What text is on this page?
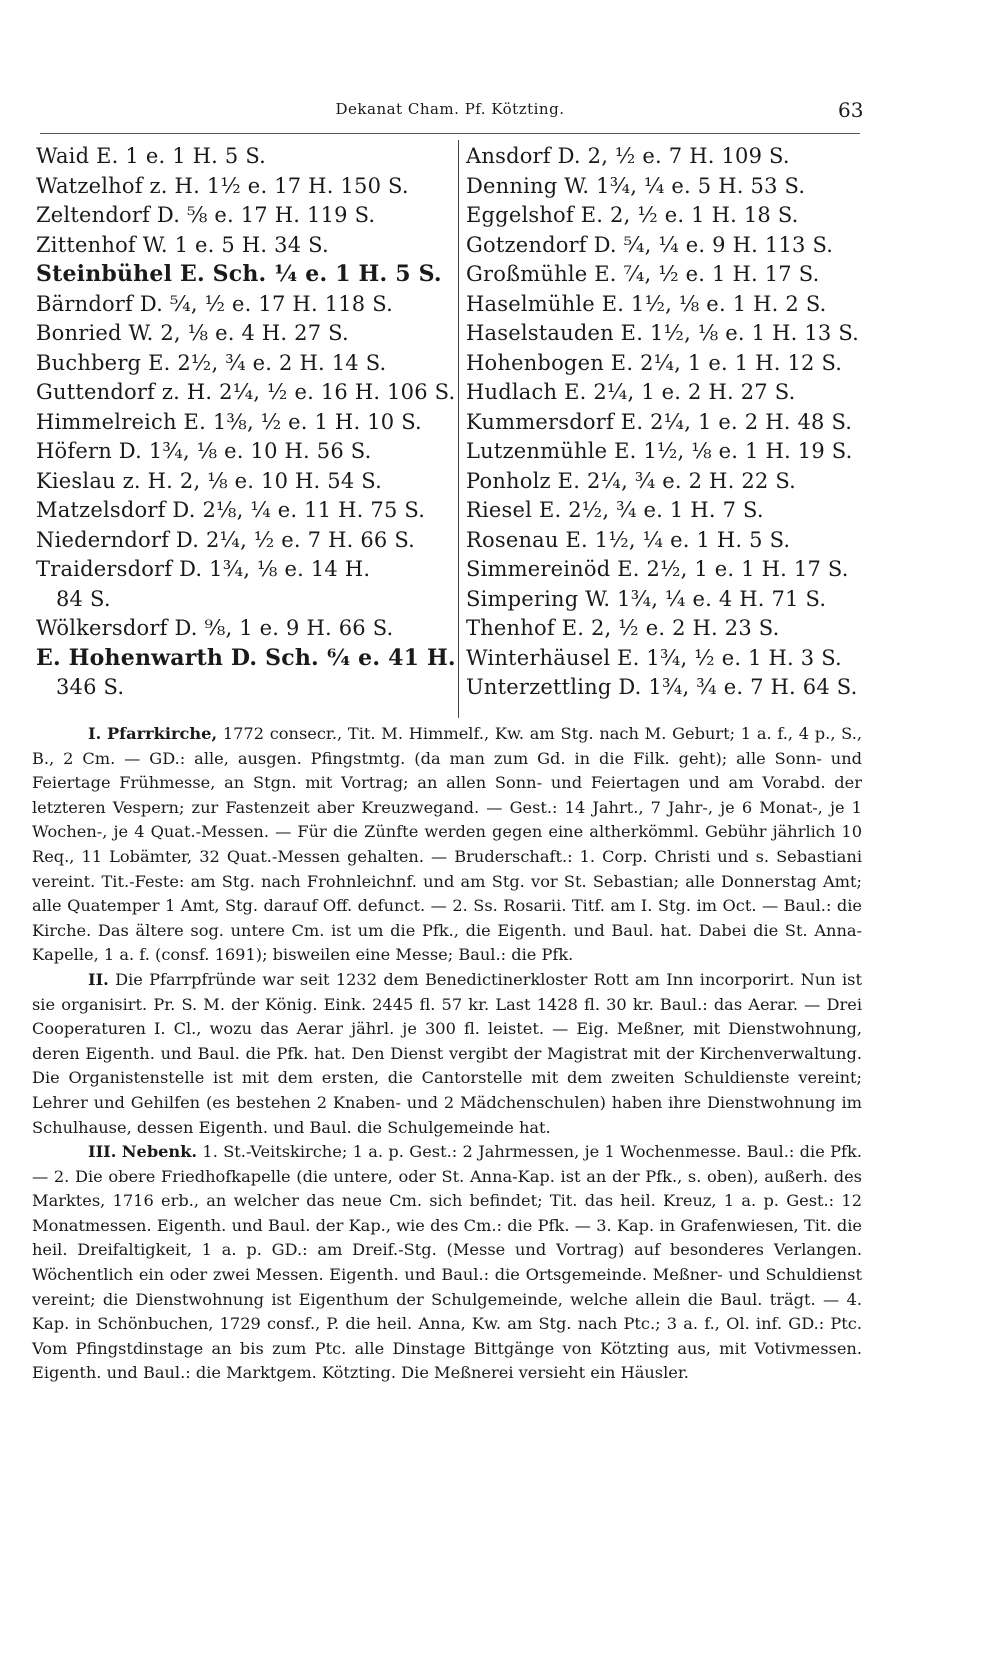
Dekanat Cham. Pf. Kötzting.	63
Waid E. 1 e. 1 H. 5 S.
Watzelhof z. H. 1½ e. 17 H. 150 S.
Zeltendorf D. ⅝ e. 17 H. 119 S.
Zittenhof W. 1 e. 5 H. 34 S.
Steinbühel E. Sch. ¼ e. 1 H. 5 S.
Bärndorf D. ⁵⁄₄, ½ e. 17 H. 118 S.
Bonried W. 2, ⅛ e. 4 H. 27 S.
Buchberg E. 2½, ¾ e. 2 H. 14 S.
Guttendorf z. H. 2¼, ½ e. 16 H. 106 S.
Himmelreich E. 1⅜, ½ e. 1 H. 10 S.
Höfern D. 1¾, ⅛ e. 10 H. 56 S.
Kieslau z. H. 2, ⅛ e. 10 H. 54 S.
Matzelsdorf D. 2⅛, ¼ e. 11 H. 75 S.
Niederndorf D. 2¼, ½ e. 7 H. 66 S.
Traidersdorf D. 1¾, ⅛ e. 14 H.
84 S.
Wölkersdorf D. ⁹⁄₈, 1 e. 9 H. 66 S.
E. Hohenwarth D. Sch. ⁶⁄₄ e. 41 H.
346 S.
Ansdorf D. 2, ½ e. 7 H. 109 S.
Denning W. 1¾, ¼ e. 5 H. 53 S.
Eggelshof E. 2, ½ e. 1 H. 18 S.
Gotzendorf D. ⁵⁄₄, ¼ e. 9 H. 113 S.
Großmühle E. ⁷⁄₄, ½ e. 1 H. 17 S.
Haselmühle E. 1½, ⅛ e. 1 H. 2 S.
Haselstauden E. 1½, ⅛ e. 1 H. 13 S.
Hohenbogen E. 2¼, 1 e. 1 H. 12 S.
Hudlach E. 2¼, 1 e. 2 H. 27 S.
Kummersdorf E. 2¼, 1 e. 2 H. 48 S.
Lutzenmühle E. 1½, ⅛ e. 1 H. 19 S.
Ponholz E. 2¼, ¾ e. 2 H. 22 S.
Riesel E. 2½, ¾ e. 1 H. 7 S.
Rosenau E. 1½, ¼ e. 1 H. 5 S.
Simmereinöd E. 2½, 1 e. 1 H. 17 S.
Simpering W. 1¾, ¼ e. 4 H. 71 S.
Thenhof E. 2, ½ e. 2 H. 23 S.
Winterhäusel E. 1¾, ½ e. 1 H. 3 S.
Unterzettling D. 1¾, ¾ e. 7 H. 64 S.

I. Pfarrkirche, 1772 consecr., Tit. M. Himmelf., Kw. am Stg. nach M. Geburt; 1 a. f., 4 p., S., B., 2 Cm. — GD.: alle, ausgen. Pfingstmtg. (da man zum Gd. in die Filk. geht); alle Sonn- und Feiertage Frühmesse, an Stgn. mit Vortrag; an allen Sonn- und Feiertagen und am Vorabd. der letzteren Vespern; zur Fastenzeit aber Kreuzwegand. — Gest.: 14 Jahrt., 7 Jahr-, je 6 Monat-, je 1 Wochen-, je 4 Quat.-Messen. — Für die Zünfte werden gegen eine altherkömml. Gebühr jährlich 10 Req., 11 Lobämter, 32 Quat.-Messen gehalten. — Bruderschaft.: 1. Corp. Christi und s. Sebastiani vereint. Tit.-Feste: am Stg. nach Frohnleichnf. und am Stg. vor St. Sebastian; alle Donnerstag Amt; alle Quatemper 1 Amt, Stg. darauf Off. defunct. — 2. Ss. Rosarii. Titf. am I. Stg. im Oct. — Baul.: die Kirche. Das ältere sog. untere Cm. ist um die Pfk., die Eigenth. und Baul. hat. Dabei die St. Anna-Kapelle, 1 a. f. (consf. 1691); bisweilen eine Messe; Baul.: die Pfk.

II. Die Pfarrpfründe war seit 1232 dem Benedictinerkloster Rott am Inn incorporirt. Nun ist sie organisirt. Pr. S. M. der König. Eink. 2445 fl. 57 kr. Last 1428 fl. 30 kr. Baul.: das Aerar. — Drei Cooperaturen I. Cl., wozu das Aerar jährl. je 300 fl. leistet. — Eig. Meßner, mit Dienstwohnung, deren Eigenth. und Baul. die Pfk. hat. Den Dienst vergibt der Magistrat mit der Kirchenverwaltung. Die Organistenstelle ist mit dem ersten, die Cantorstelle mit dem zweiten Schuldienste vereint; Lehrer und Gehilfen (es bestehen 2 Knaben- und 2 Mädchenschulen) haben ihre Dienstwohnung im Schulhause, dessen Eigenth. und Baul. die Schulgemeinde hat.

III. Nebenk. 1. St.-Veitskirche; 1 a. p. Gest.: 2 Jahrmessen, je 1 Wochenmesse. Baul.: die Pfk. — 2. Die obere Friedhofkapelle (die untere, oder St. Anna-Kap. ist an der Pfk., s. oben), außerh. des Marktes, 1716 erb., an welcher das neue Cm. sich befindet; Tit. das heil. Kreuz, 1 a. p. Gest.: 12 Monatmessen. Eigenth. und Baul. der Kap., wie des Cm.: die Pfk. — 3. Kap. in Grafenwiesen, Tit. die heil. Dreifaltigkeit, 1 a. p. GD.: am Dreif.-Stg. (Messe und Vortrag) auf besonderes Verlangen. Wöchentlich ein oder zwei Messen. Eigenth. und Baul.: die Ortsgemeinde. Meßner- und Schuldienst vereint; die Dienstwohnung ist Eigenthum der Schulgemeinde, welche allein die Baul. trägt. — 4. Kap. in Schönbuchen, 1729 consf., P. die heil. Anna, Kw. am Stg. nach Ptc.; 3 a. f., Ol. inf. GD.: Ptc. Vom Pfingstdinstage an bis zum Ptc. alle Dinstage Bittgänge von Kötzting aus, mit Votivmessen. Eigenth. und Baul.: die Marktgem. Kötzting. Die Meßnerei versieht ein Häusler.
